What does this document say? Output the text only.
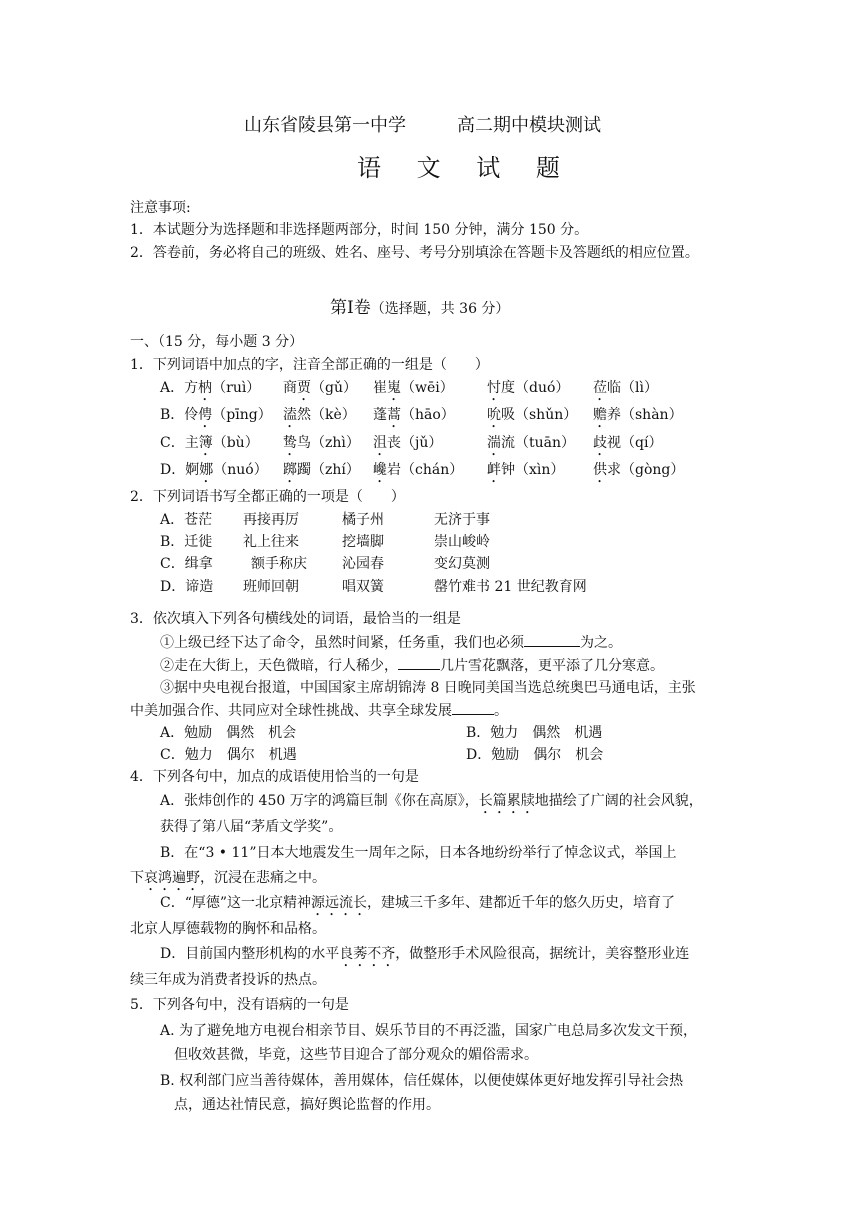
山东省陵县第一中学	高二期中模块测试
语 文 试 题
注意事项:
1．本试题分为选择题和非选择题两部分，时间 150 分钟，满分 150 分。
2．答卷前，务必将自己的班级、姓名、座号、考号分别填涂在答题卡及答题纸的相应位置。
第Ⅰ卷（选择题，共 36 分）
一、（15 分，每小题 3 分）
1．下列词语中加点的字，注音全部正确的一组是（　　）
A．方枘（ruì） 商贾（gǔ） 崔嵬（wēi） 忖度（duó） 莅临（lì）
B．伶俜（pīng） 溘然（kè） 蓬蒿（hāo） 吮吸（shǔn） 赡养（shàn）
C．主簿（bù） 鸷鸟（zhì） 沮丧（jǔ）	湍流（tuān） 歧视（qí）
D．婀娜（nuó） 踯躅（zhí） 巉岩（chán） 衅钟（xìn） 供求（gòng）
2．下列词语书写全都正确的一项是（　　）
A．苍茫 再接再厉	橘子州	无济于事
B．迁徙 礼上往来	挖墙脚	崇山峻岭
C．缉拿	额手称庆	沁园春	变幻莫测
D．谛造 班师回朝	唱双簧	罄竹难书 21 世纪教育网
3．依次填入下列各句横线处的词语，最恰当的一组是
①上级已经下达了命令，虽然时间紧，任务重，我们也必须	为之。
②走在大街上，天色微暗，行人稀少，	几片雪花飘落，更平添了几分寒意。
③据中央电视台报道，中国国家主席胡锦涛 8 日晚同美国当选总统奥巴马通电话，主张
中美加强合作、共同应对全球性挑战、共享全球发展	。
A．勉励　偶然　机会	B．勉力　偶然　机遇
C．勉力　偶尔　机遇	D．勉励　偶尔　机会
4．下列各句中，加点的成语使用恰当的一句是
A．张炜创作的 450 万字的鸿篇巨制《你在高原》，长篇累牍地描绘了广阔的社会风貌，
获得了第八届“茅盾文学奖”。
B．在“3 • 11”日本大地震发生一周年之际，日本各地纷纷举行了悼念议式，举国上
下哀鸿遍野，沉浸在悲痛之中。
C．“厚德”这一北京精神源远流长，建城三千多年、建都近千年的悠久历史，培育了
北京人厚德载物的胸怀和品格。
D．目前国内整形机构的水平良莠不齐，做整形手术风险很高，据统计，美容整形业连
续三年成为消费者投诉的热点。
5．下列各句中，没有语病的一句是
A. 为了避免地方电视台相亲节目、娱乐节目的不再泛滥，国家广电总局多次发文干预，
但收效甚微，毕竟，这些节目迎合了部分观众的媚俗需求。
B. 权利部门应当善待媒体，善用媒体，信任媒体，以便使媒体更好地发挥引导社会热
点，通达社情民意，搞好舆论监督的作用。
